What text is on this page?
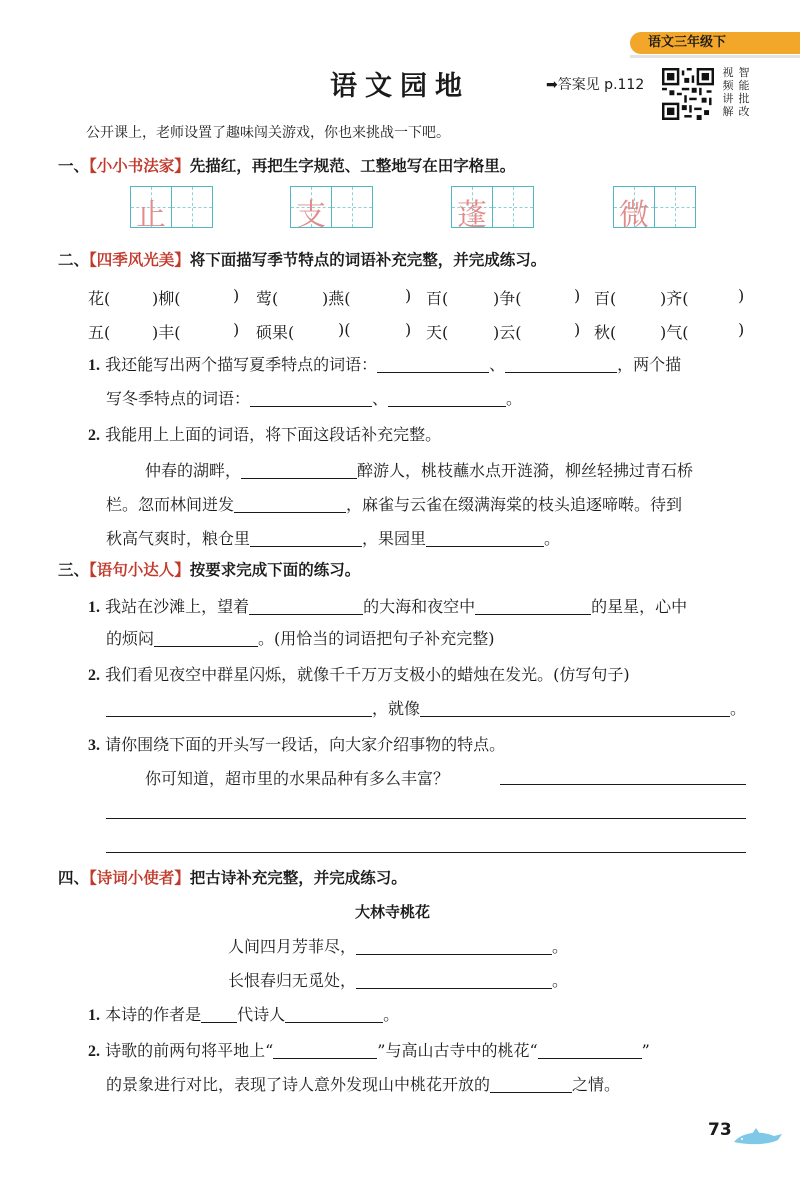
语文三年级下
语文园地	➡答案见 p.112
视 智
频 能
讲 批
解 改
公开课上，老师设置了趣味闯关游戏，你也来挑战一下吧。
一、【小小书法家】先描红，再把生字规范、工整地写在田字格里。
止	支	蓬	微
二、【四季风光美】将下面描写季节特点的词语补充完整，并完成练习。
花(	)柳(	) 莺(	)燕(	) 百(	)争(	) 百(	)齐(	)
五(	)丰(	) 硕果(	)(	) 天(	)云(	) 秋(	)气(	)
1. 我还能写出两个描写夏季特点的词语：	、	，两个描
写冬季特点的词语：	、	。
2. 我能用上上面的词语，将下面这段话补充完整。
仲春的湖畔，	醉游人，桃枝蘸水点开涟漪，柳丝轻拂过青石桥
栏。忽而林间迸发	，麻雀与云雀在缀满海棠的枝头追逐啼啭。待到
秋高气爽时，粮仓里	，果园里	。
三、【语句小达人】按要求完成下面的练习。
1. 我站在沙滩上，望着	的大海和夜空中	的星星，心中
的烦闷	。(用恰当的词语把句子补充完整)
2. 我们看见夜空中群星闪烁，就像千千万万支极小的蜡烛在发光。(仿写句子)
，就像	。
3. 请你围绕下面的开头写一段话，向大家介绍事物的特点。
你可知道，超市里的水果品种有多么丰富？
四、【诗词小使者】把古诗补充完整，并完成练习。
大林寺桃花
人间四月芳菲尽，	。
长恨春归无觅处，	。
1. 本诗的作者是 代诗人	。
2. 诗歌的前两句将平地上“	”与高山古寺中的桃花“	”
的景象进行对比，表现了诗人意外发现山中桃花开放的	之情。
73
